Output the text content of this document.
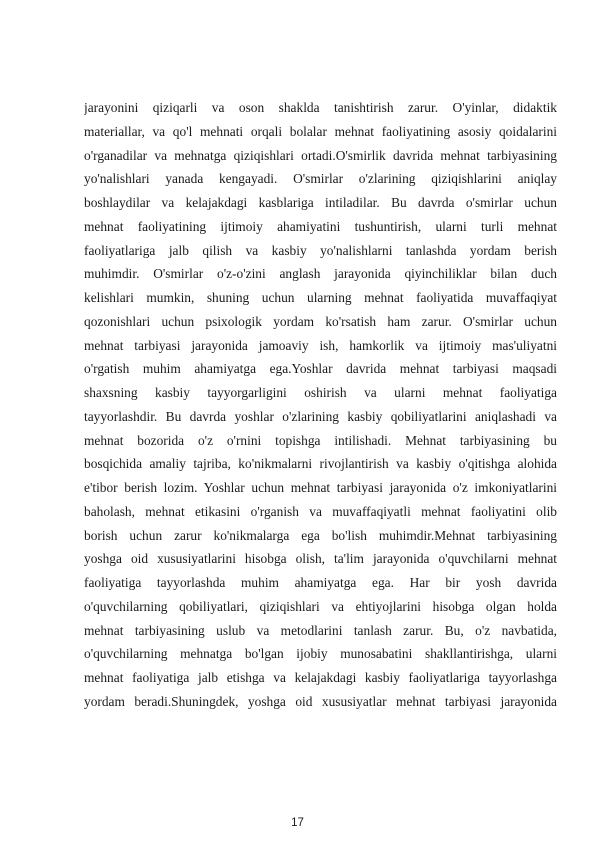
jarayonini qiziqarli va oson shaklda tanishtirish zarur. O'yinlar, didaktik
materiallar, va qo'l mehnati orqali bolalar mehnat faoliyatining asosiy qoidalarini
o'rganadilar va mehnatga qiziqishlari ortadi.O'smirlik davrida mehnat tarbiyasining
yo'nalishlari yanada kengayadi. O'smirlar o'zlarining qiziqishlarini aniqlay
boshlaydilar va kelajakdagi kasblariga intiladilar. Bu davrda o'smirlar uchun
mehnat faoliyatining ijtimoiy ahamiyatini tushuntirish, ularni turli mehnat
faoliyatlariga jalb qilish va kasbiy yo'nalishlarni tanlashda yordam berish
muhimdir. O'smirlar o'z-o'zini anglash jarayonida qiyinchiliklar bilan duch
kelishlari mumkin, shuning uchun ularning mehnat faoliyatida muvaffaqiyat
qozonishlari uchun psixologik yordam ko'rsatish ham zarur. O'smirlar uchun
mehnat tarbiyasi jarayonida jamoaviy ish, hamkorlik va ijtimoiy mas'uliyatni
o'rgatish muhim ahamiyatga ega.Yoshlar davrida mehnat tarbiyasi maqsadi
shaxsning kasbiy tayyorgarligini oshirish va ularni mehnat faoliyatiga
tayyorlashdir. Bu davrda yoshlar o'zlarining kasbiy qobiliyatlarini aniqlashadi va
mehnat bozorida o'z o'rnini topishga intilishadi. Mehnat tarbiyasining bu
bosqichida amaliy tajriba, ko'nikmalarni rivojlantirish va kasbiy o'qitishga alohida
e'tibor berish lozim. Yoshlar uchun mehnat tarbiyasi jarayonida o'z imkoniyatlarini
baholash, mehnat etikasini o'rganish va muvaffaqiyatli mehnat faoliyatini olib
borish uchun zarur ko'nikmalarga ega bo'lish muhimdir.Mehnat tarbiyasining
yoshga oid xususiyatlarini hisobga olish, ta'lim jarayonida o'quvchilarni mehnat
faoliyatiga tayyorlashda muhim ahamiyatga ega. Har bir yosh davrida
o'quvchilarning qobiliyatlari, qiziqishlari va ehtiyojlarini hisobga olgan holda
mehnat tarbiyasining uslub va metodlarini tanlash zarur. Bu, o'z navbatida,
o'quvchilarning mehnatga bo'lgan ijobiy munosabatini shakllantirishga, ularni
mehnat faoliyatiga jalb etishga va kelajakdagi kasbiy faoliyatlariga tayyorlashga
yordam beradi.Shuningdek, yoshga oid xususiyatlar mehnat tarbiyasi jarayonida

17
